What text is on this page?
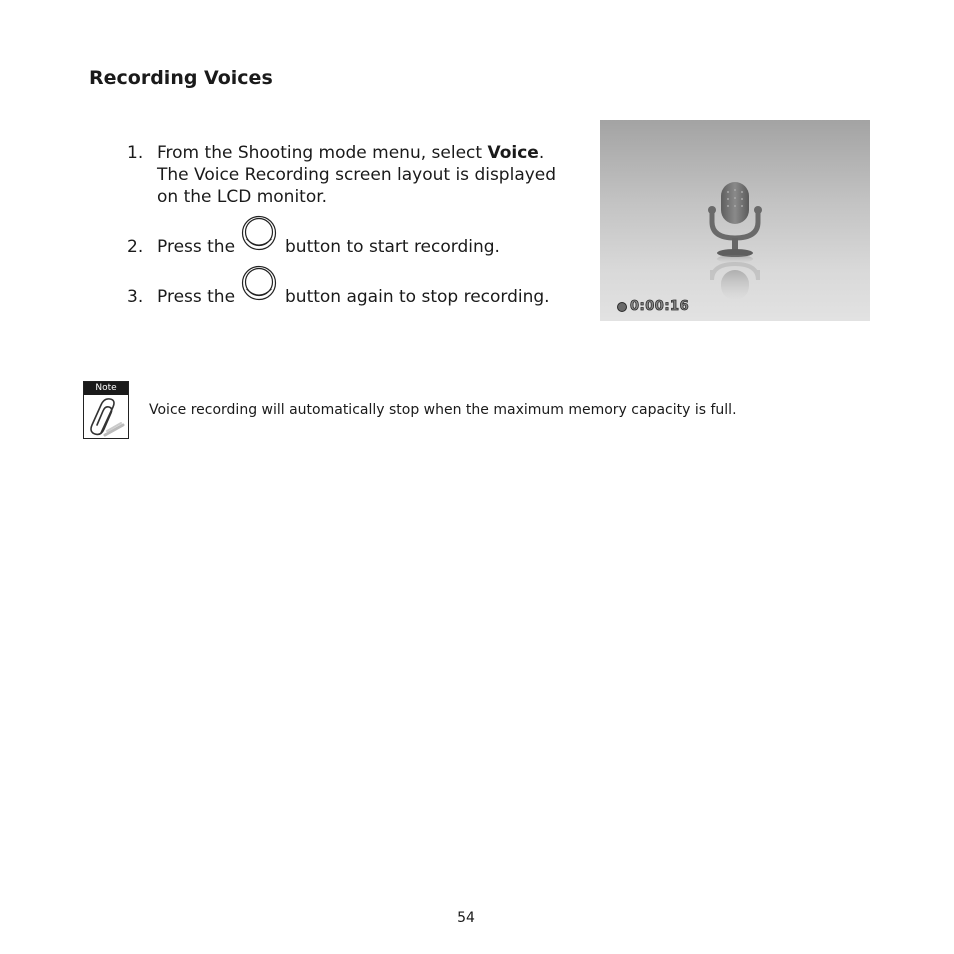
Recording Voices
1. From the Shooting mode menu, select Voice.
The Voice Recording screen layout is displayed
on the LCD monitor.
2. Press the	button to start recording.
3. Press the	button again to stop recording.	0:00:16
Note
Voice recording will automatically stop when the maximum memory capacity is full.
54
